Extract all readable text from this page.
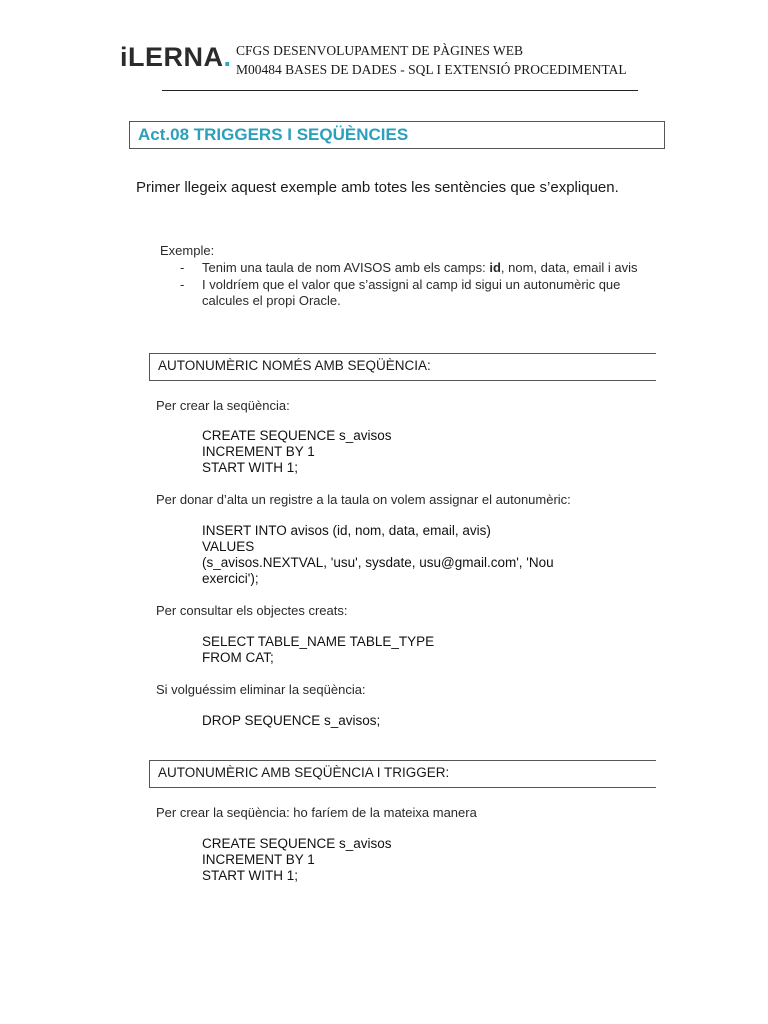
iLERNA. CFGS DESENVOLUPAMENT DE PÀGINES WEB
M00484 BASES DE DADES - SQL I EXTENSIÓ PROCEDIMENTAL
Act.08 TRIGGERS I SEQÜÈNCIES
Primer llegeix aquest exemple amb totes les sentències que s’expliquen.
Exemple:
- Tenim una taula de nom AVISOS amb els camps: id, nom, data, email i avis
- I voldríem que el valor que s’assigni al camp id sigui un autonumèric que calcules el propi Oracle.
AUTONUMÈRIC NOMÉS AMB SEQÜÈNCIA:
Per crear la seqüència:
CREATE SEQUENCE s_avisos
INCREMENT BY 1
START WITH 1;
Per donar d’alta un registre a la taula on volem assignar el autonumèric:
INSERT INTO avisos (id, nom, data, email, avis)
VALUES
(s_avisos.NEXTVAL, 'usu', sysdate, usu@gmail.com', 'Nou
exercici');
Per consultar els objectes creats:
SELECT TABLE_NAME TABLE_TYPE
FROM CAT;
Si volguéssim eliminar la seqüència:
DROP SEQUENCE s_avisos;
AUTONUMÈRIC AMB SEQÜÈNCIA I TRIGGER:
Per crear la seqüència: ho faríem de la mateixa manera
CREATE SEQUENCE s_avisos
INCREMENT BY 1
START WITH 1;
